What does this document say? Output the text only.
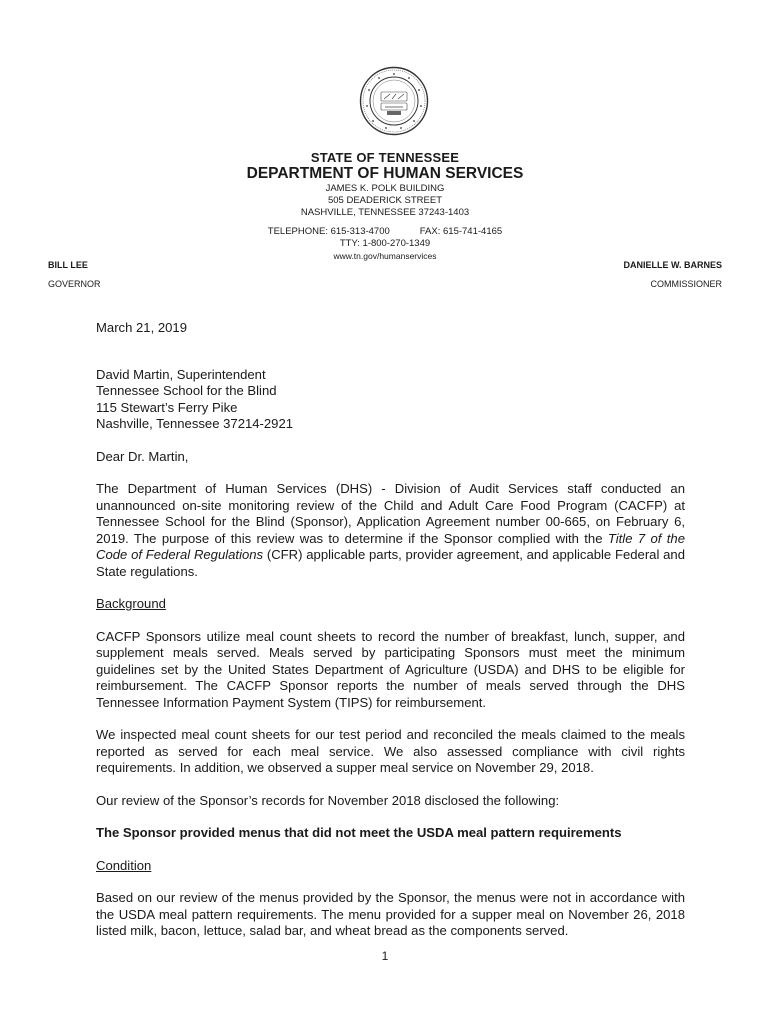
STATE OF TENNESSEE
DEPARTMENT OF HUMAN SERVICES
JAMES K. POLK BUILDING
505 DEADERICK STREET
NASHVILLE, TENNESSEE 37243-1403
TELEPHONE: 615-313-4700	FAX: 615-741-4165
TTY: 1-800-270-1349
www.tn.gov/humanservices
BILL LEE
GOVERNOR
DANIELLE W. BARNES
COMMISSIONER

March 21, 2019

David Martin, Superintendent
Tennessee School for the Blind
115 Stewart’s Ferry Pike
Nashville, Tennessee 37214-2921

Dear Dr. Martin,

The Department of Human Services (DHS) - Division of Audit Services staff conducted an unannounced on-site monitoring review of the Child and Adult Care Food Program (CACFP) at Tennessee School for the Blind (Sponsor), Application Agreement number 00-665, on February 6, 2019. The purpose of this review was to determine if the Sponsor complied with the Title 7 of the Code of Federal Regulations (CFR) applicable parts, provider agreement, and applicable Federal and State regulations.

Background

CACFP Sponsors utilize meal count sheets to record the number of breakfast, lunch, supper, and supplement meals served. Meals served by participating Sponsors must meet the minimum guidelines set by the United States Department of Agriculture (USDA) and DHS to be eligible for reimbursement. The CACFP Sponsor reports the number of meals served through the DHS Tennessee Information Payment System (TIPS) for reimbursement.

We inspected meal count sheets for our test period and reconciled the meals claimed to the meals reported as served for each meal service. We also assessed compliance with civil rights requirements. In addition, we observed a supper meal service on November 29, 2018.

Our review of the Sponsor’s records for November 2018 disclosed the following:

The Sponsor provided menus that did not meet the USDA meal pattern requirements

Condition

Based on our review of the menus provided by the Sponsor, the menus were not in accordance with the USDA meal pattern requirements. The menu provided for a supper meal on November 26, 2018 listed milk, bacon, lettuce, salad bar, and wheat bread as the components served.

1
